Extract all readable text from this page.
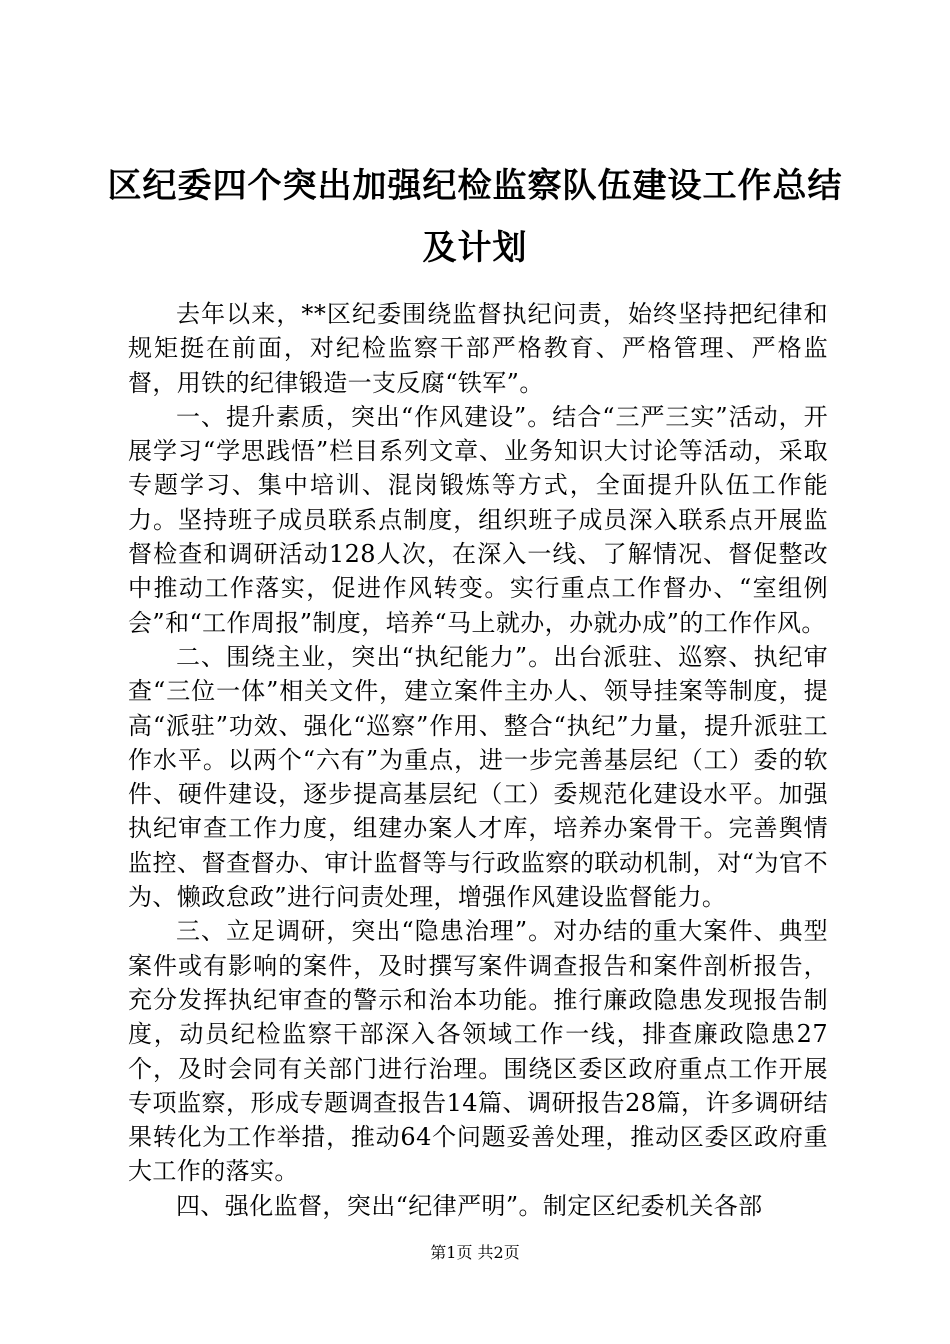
区纪委四个突出加强纪检监察队伍建设工作总结及计划

去年以来，**区纪委围绕监督执纪问责，始终坚持把纪律和规矩挺在前面，对纪检监察干部严格教育、严格管理、严格监督，用铁的纪律锻造一支反腐“铁军”。

一、提升素质，突出“作风建设”。结合“三严三实”活动，开展学习“学思践悟”栏目系列文章、业务知识大讨论等活动，采取专题学习、集中培训、混岗锻炼等方式，全面提升队伍工作能力。坚持班子成员联系点制度，组织班子成员深入联系点开展监督检查和调研活动128人次，在深入一线、了解情况、督促整改中推动工作落实，促进作风转变。实行重点工作督办、“室组例会”和“工作周报”制度，培养“马上就办，办就办成”的工作作风。

二、围绕主业，突出“执纪能力”。出台派驻、巡察、执纪审查“三位一体”相关文件，建立案件主办人、领导挂案等制度，提高“派驻”功效、强化“巡察”作用、整合“执纪”力量，提升派驻工作水平。以两个“六有”为重点，进一步完善基层纪（工）委的软件、硬件建设，逐步提高基层纪（工）委规范化建设水平。加强执纪审查工作力度，组建办案人才库，培养办案骨干。完善舆情监控、督查督办、审计监督等与行政监察的联动机制，对“为官不为、懒政怠政”进行问责处理，增强作风建设监督能力。

三、立足调研，突出“隐患治理”。对办结的重大案件、典型案件或有影响的案件，及时撰写案件调查报告和案件剖析报告，充分发挥执纪审查的警示和治本功能。推行廉政隐患发现报告制度，动员纪检监察干部深入各领域工作一线，排查廉政隐患27个，及时会同有关部门进行治理。围绕区委区政府重点工作开展专项监察，形成专题调查报告14篇、调研报告28篇，许多调研结果转化为工作举措，推动64个问题妥善处理，推动区委区政府重大工作的落实。

四、强化监督，突出“纪律严明”。制定区纪委机关各部

第1页 共2页
